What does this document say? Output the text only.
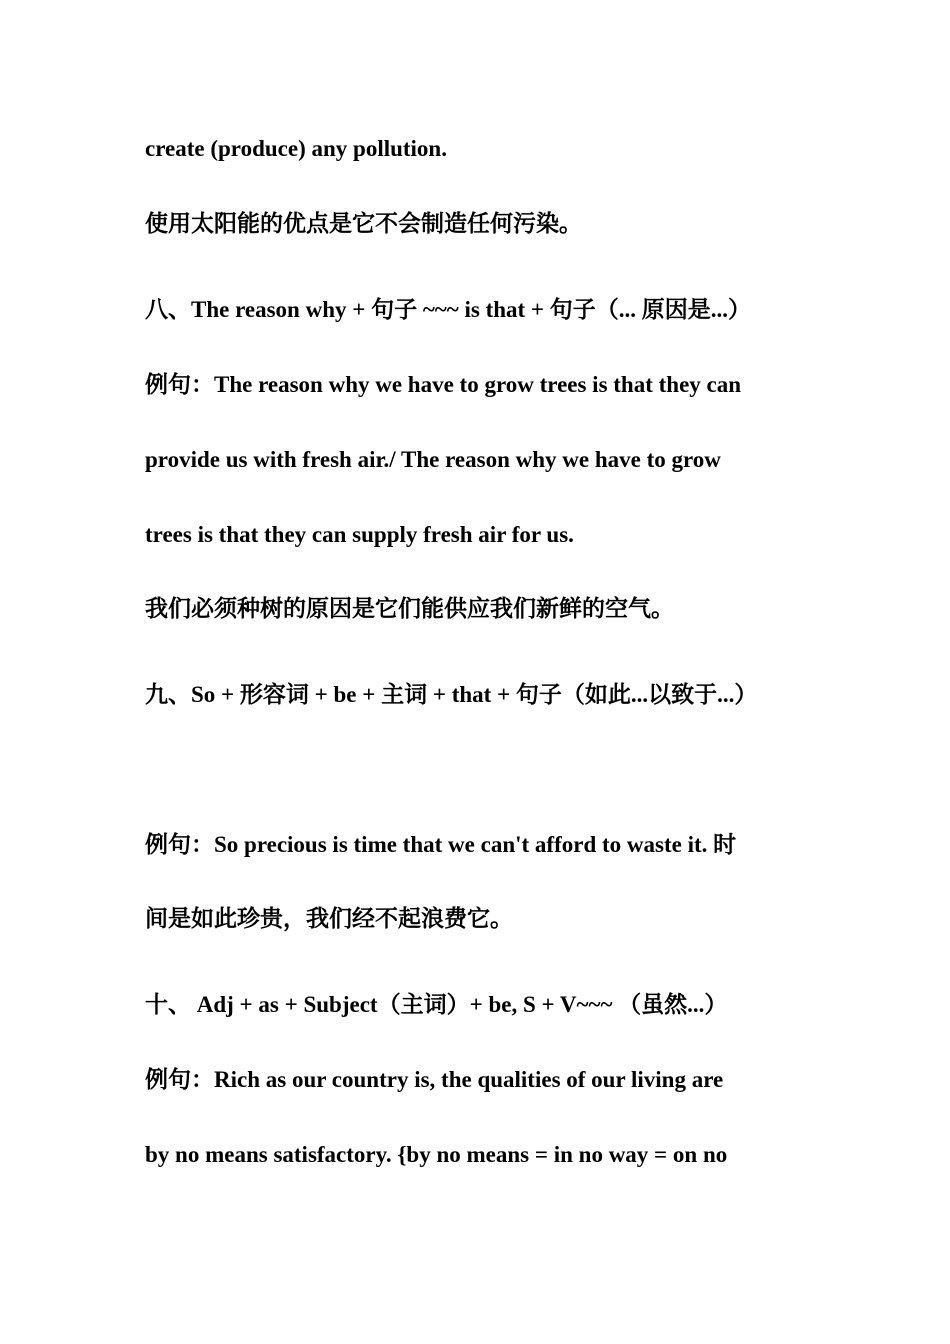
create (produce) any pollution.
使用太阳能的优点是它不会制造任何污染。
八、The reason why + 句子 ~~~ is that + 句子（... 原因是...）
例句：The reason why we have to grow trees is that they can
provide us with fresh air./ The reason why we have to grow
trees is that they can supply fresh air for us.
我们必须种树的原因是它们能供应我们新鲜的空气。
九、So + 形容词 + be + 主词 + that + 句子（如此...以致于...）
例句：So precious is time that we can't afford to waste it. 时
间是如此珍贵，我们经不起浪费它。
十、 Adj + as + Subject（主词）+ be, S + V~~~ （虽然...）
例句：Rich as our country is, the qualities of our living are
by no means satisfactory. {by no means = in no way = on no
